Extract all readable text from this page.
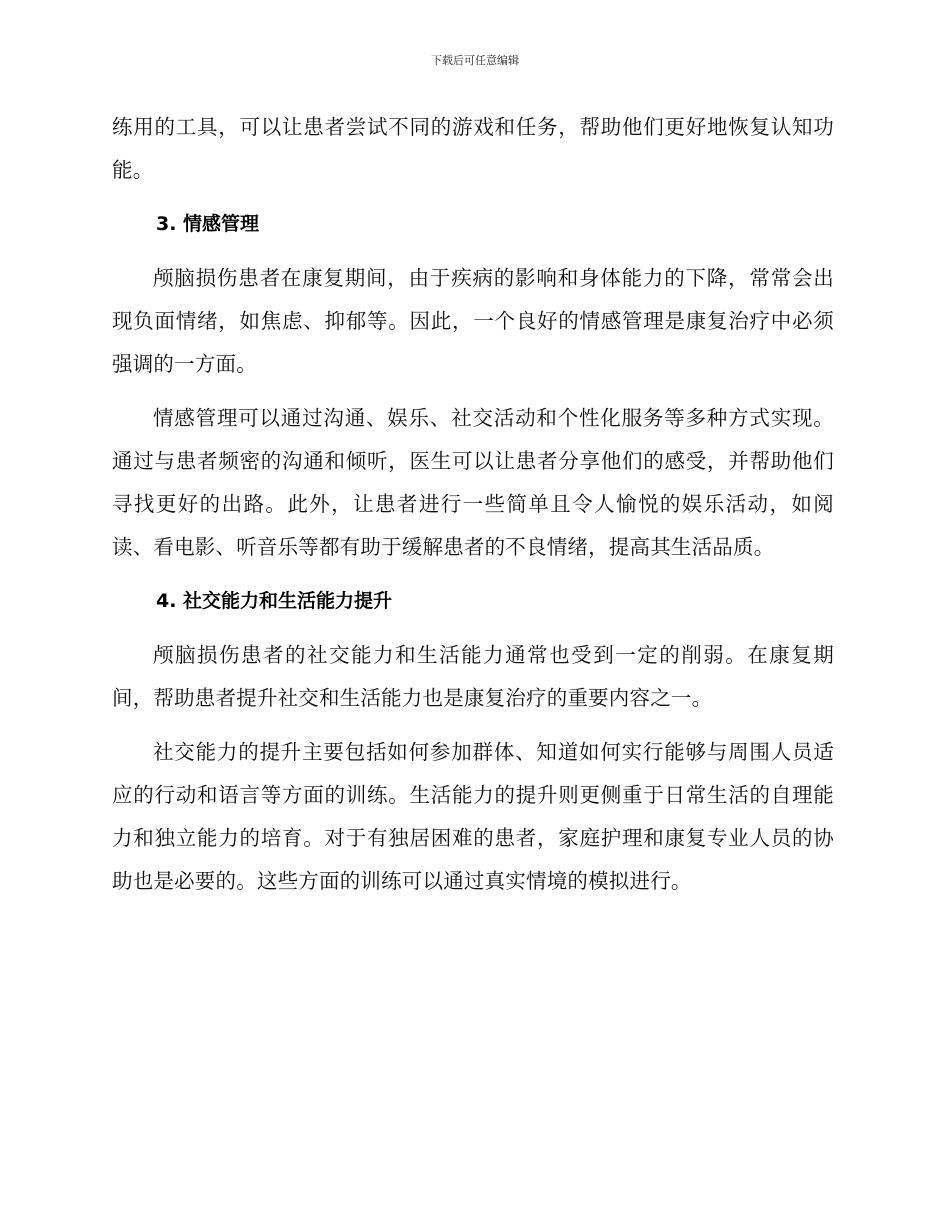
下载后可任意编辑

练用的工具，可以让患者尝试不同的游戏和任务，帮助他们更好地恢复认知功能。

3. 情感管理

颅脑损伤患者在康复期间，由于疾病的影响和身体能力的下降，常常会出现负面情绪，如焦虑、抑郁等。因此，一个良好的情感管理是康复治疗中必须强调的一方面。

情感管理可以通过沟通、娱乐、社交活动和个性化服务等多种方式实现。通过与患者频密的沟通和倾听，医生可以让患者分享他们的感受，并帮助他们寻找更好的出路。此外，让患者进行一些简单且令人愉悦的娱乐活动，如阅读、看电影、听音乐等都有助于缓解患者的不良情绪，提高其生活品质。

4. 社交能力和生活能力提升

颅脑损伤患者的社交能力和生活能力通常也受到一定的削弱。在康复期间，帮助患者提升社交和生活能力也是康复治疗的重要内容之一。

社交能力的提升主要包括如何参加群体、知道如何实行能够与周围人员适应的行动和语言等方面的训练。生活能力的提升则更侧重于日常生活的自理能力和独立能力的培育。对于有独居困难的患者，家庭护理和康复专业人员的协助也是必要的。这些方面的训练可以通过真实情境的模拟进行。
